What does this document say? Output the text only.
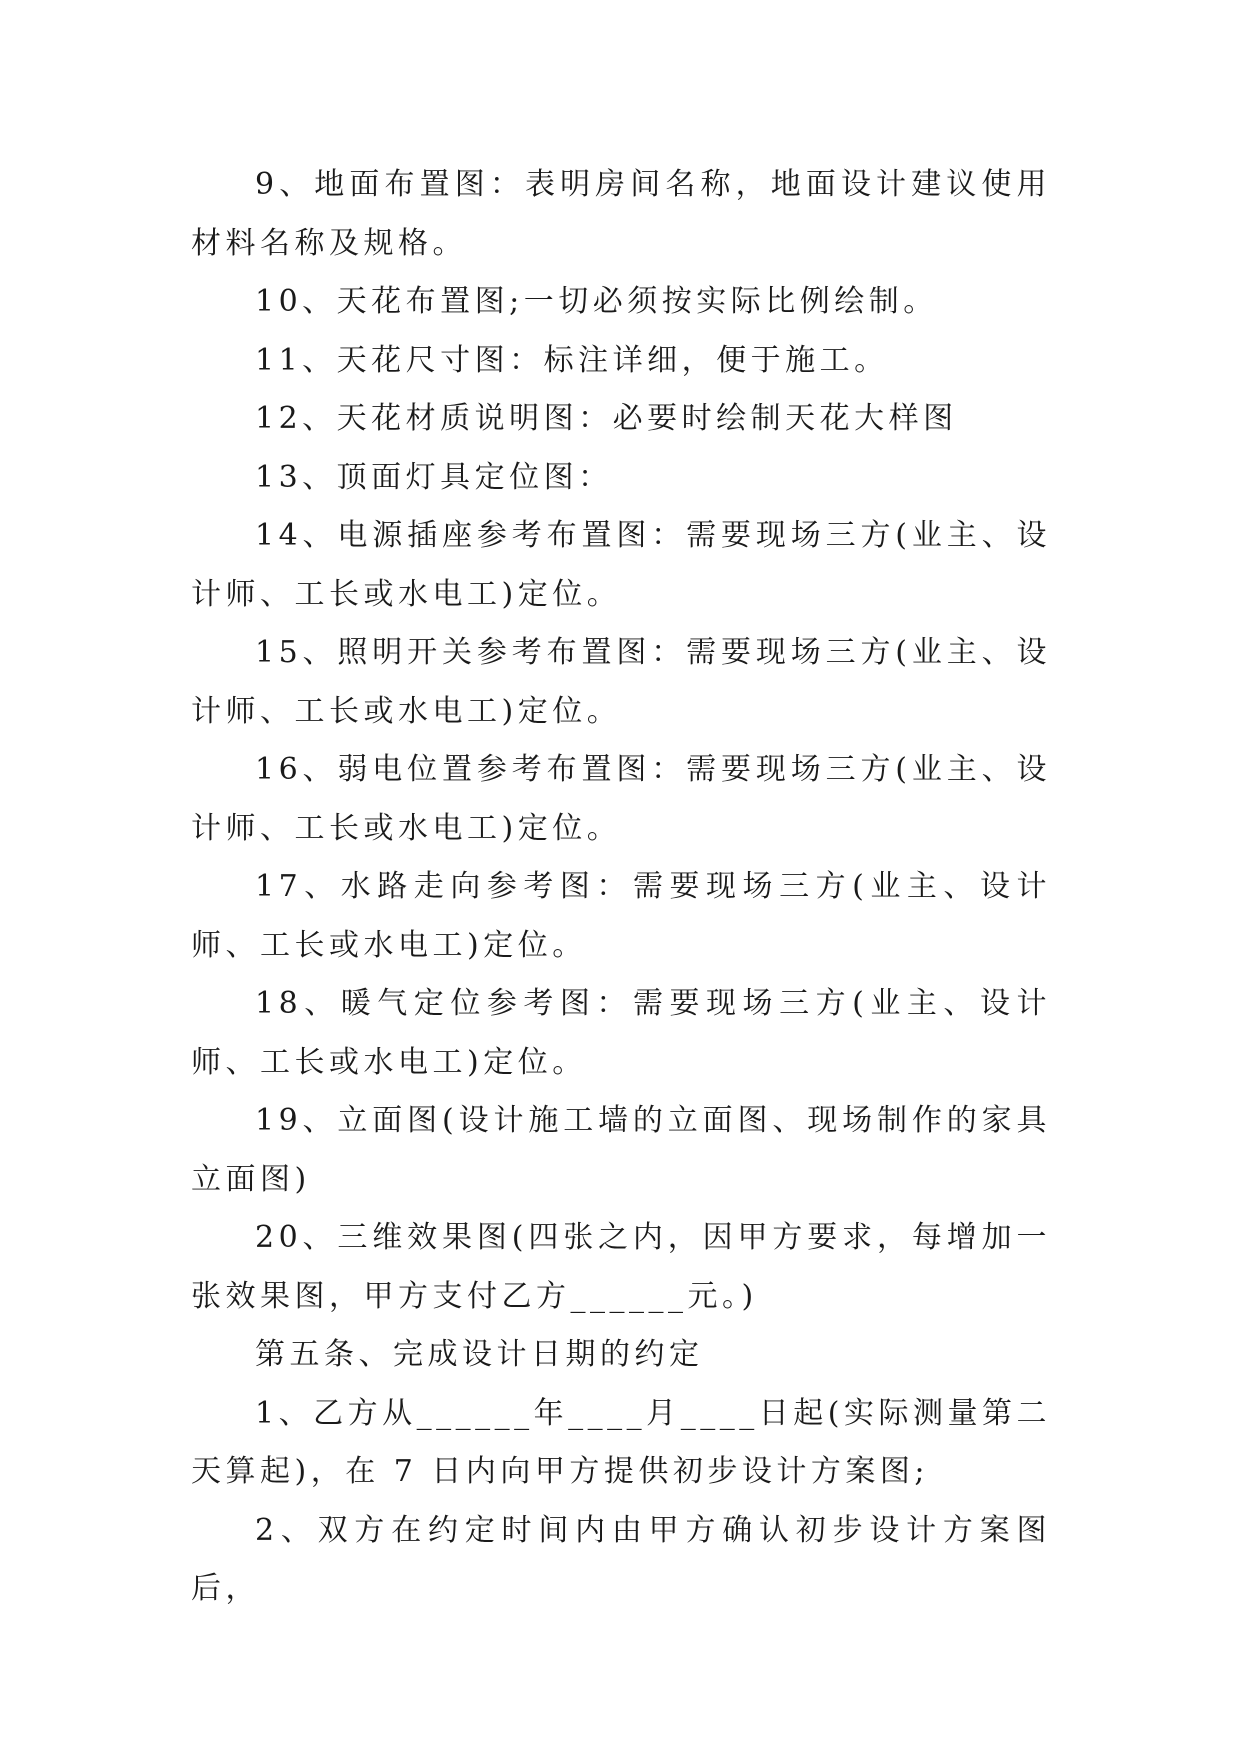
9、地面布置图：表明房间名称，地面设计建议使用材料名称及规格。

10、天花布置图;一切必须按实际比例绘制。

11、天花尺寸图：标注详细，便于施工。

12、天花材质说明图：必要时绘制天花大样图

13、顶面灯具定位图：

14、电源插座参考布置图：需要现场三方(业主、设计师、工长或水电工)定位。

15、照明开关参考布置图：需要现场三方(业主、设计师、工长或水电工)定位。

16、弱电位置参考布置图：需要现场三方(业主、设计师、工长或水电工)定位。

17、水路走向参考图：需要现场三方(业主、设计师、工长或水电工)定位。

18、暖气定位参考图：需要现场三方(业主、设计师、工长或水电工)定位。

19、立面图(设计施工墙的立面图、现场制作的家具立面图)

20、三维效果图(四张之内，因甲方要求，每增加一张效果图，甲方支付乙方______元。)

第五条、完成设计日期的约定

1、乙方从______年____月____日起(实际测量第二天算起)，在 7 日内向甲方提供初步设计方案图;

2、双方在约定时间内由甲方确认初步设计方案图后，
